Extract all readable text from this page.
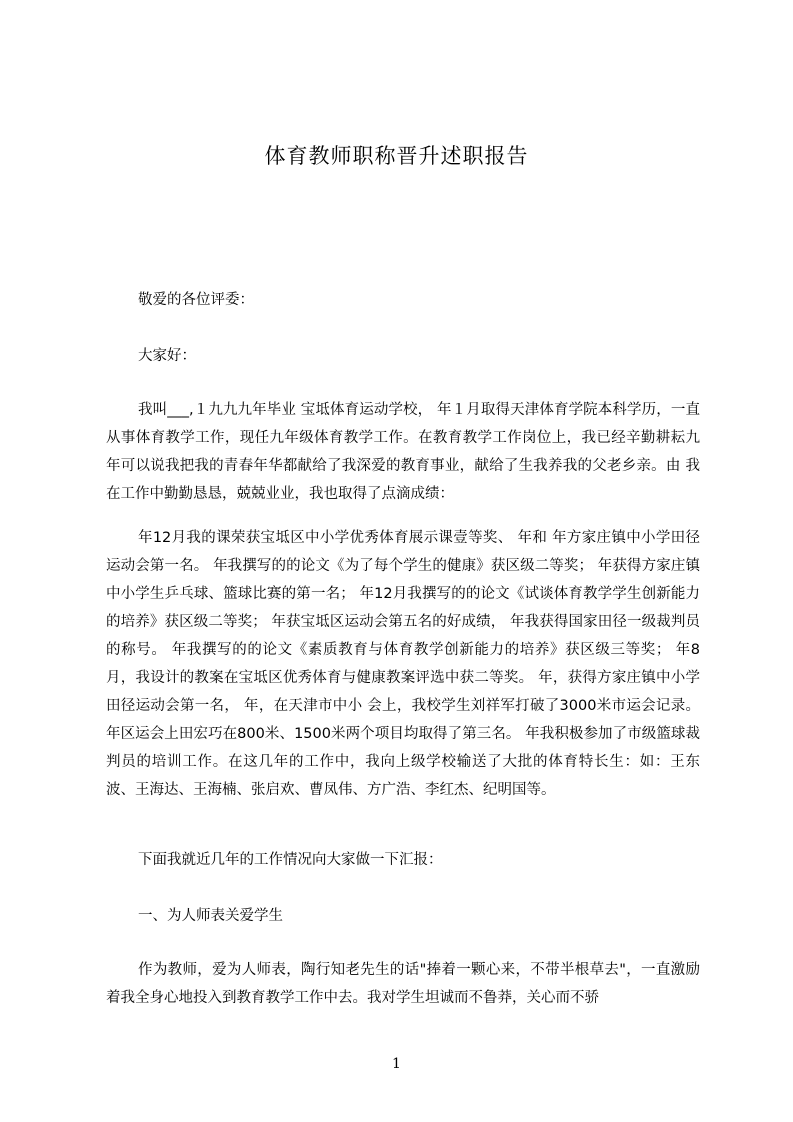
体育教师职称晋升述职报告

敬爱的各位评委：

大家好：

我叫___,１九九九年毕业 宝坻体育运动学校， 年１月取得天津体育学院本科学历，一直从事体育教学工作，现任九年级体育教学工作。在教育教学工作岗位上，我已经辛勤耕耘九年可以说我把我的青春年华都献给了我深爱的教育事业，献给了生我养我的父老乡亲。由 我在工作中勤勤恳恳，兢兢业业，我也取得了点滴成绩：

年12月我的课荣获宝坻区中小学优秀体育展示课壹等奖、 年和 年方家庄镇中小学田径运动会第一名。 年我撰写的的论文《为了每个学生的健康》获区级二等奖； 年获得方家庄镇中小学生乒乓球、篮球比赛的第一名； 年12月我撰写的的论文《试谈体育教学学生创新能力的培养》获区级二等奖； 年获宝坻区运动会第五名的好成绩， 年我获得国家田径一级裁判员的称号。 年我撰写的的论文《素质教育与体育教学创新能力的培养》获区级三等奖； 年8月，我设计的教案在宝坻区优秀体育与健康教案评选中获二等奖。 年，获得方家庄镇中小学田径运动会第一名， 年，在天津市中小 会上，我校学生刘祥军打破了3000米市运会记录。 年区运会上田宏巧在800米、1500米两个项目均取得了第三名。 年我积极参加了市级篮球裁判员的培训工作。在这几年的工作中，我向上级学校输送了大批的体育特长生：如：王东波、王海达、王海楠、张启欢、曹凤伟、方广浩、李红杰、纪明国等。

下面我就近几年的工作情况向大家做一下汇报：

一、为人师表关爱学生

作为教师，爱为人师表，陶行知老先生的话"捧着一颗心来，不带半根草去"，一直激励着我全身心地投入到教育教学工作中去。我对学生坦诚而不鲁莽，关心而不骄

1
